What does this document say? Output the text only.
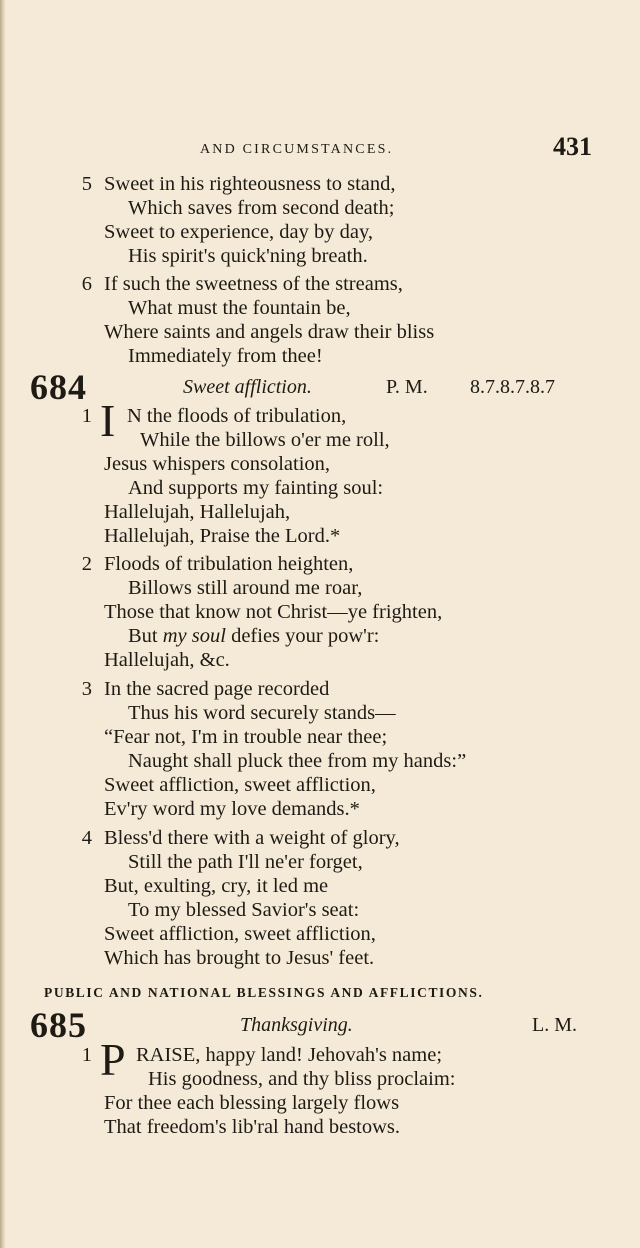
AND CIRCUMSTANCES.	431
5 Sweet in his righteousness to stand,
Which saves from second death;
Sweet to experience, day by day,
His spirit's quick'ning breath.
6 If such the sweetness of the streams,
What must the fountain be,
Where saints and angels draw their bliss
Immediately from thee!
684	Sweet affliction.	P. M. 8.7.8.7.8.7
1 I N the floods of tribulation,
While the billows o'er me roll,
Jesus whispers consolation,
And supports my fainting soul:
Hallelujah, Hallelujah,
Hallelujah, Praise the Lord.*
2 Floods of tribulation heighten,
Billows still around me roar,
Those that know not Christ—ye frighten,
But my soul defies your pow'r:
Hallelujah, &c.
3 In the sacred page recorded
Thus his word securely stands—
“Fear not, I'm in trouble near thee;
Naught shall pluck thee from my hands:”
Sweet affliction, sweet affliction,
Ev'ry word my love demands.*
4 Bless'd there with a weight of glory,
Still the path I'll ne'er forget,
But, exulting, cry, it led me
To my blessed Savior's seat:
Sweet affliction, sweet affliction,
Which has brought to Jesus' feet.
PUBLIC AND NATIONAL BLESSINGS AND AFFLICTIONS.
685	Thanksgiving.	L. M.
1 P RAISE, happy land! Jehovah's name;
His goodness, and thy bliss proclaim:
For thee each blessing largely flows
That freedom's lib'ral hand bestows.
